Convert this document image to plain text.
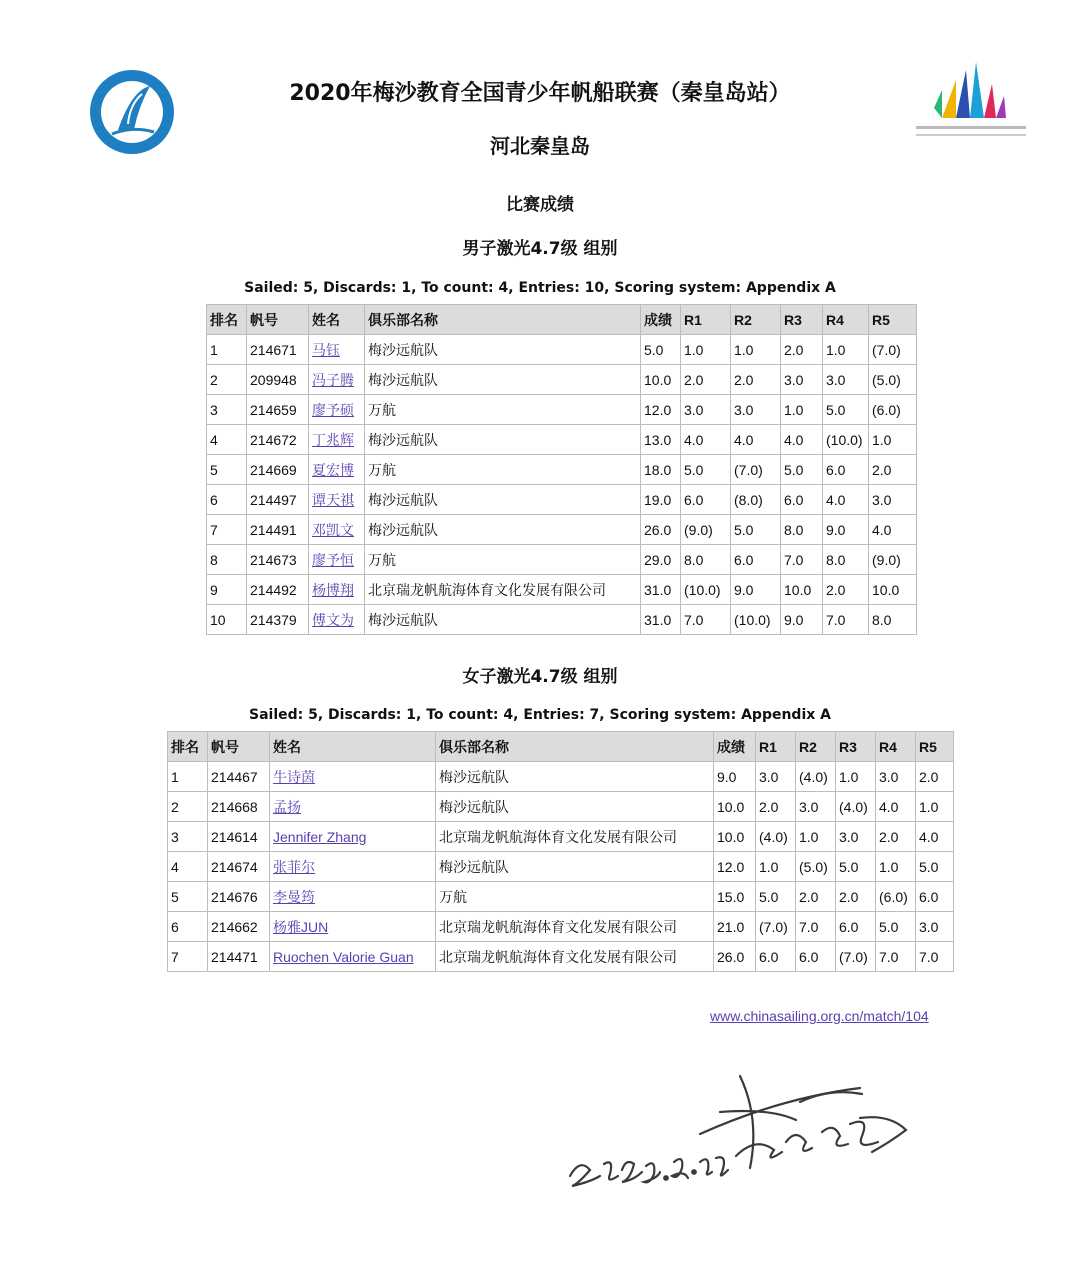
2020年梅沙教育全国青少年帆船联赛（秦皇岛站）
河北秦皇岛
比赛成绩
男子激光4.7级 组别
Sailed: 5, Discards: 1, To count: 4, Entries: 10, Scoring system: Appendix A
排名	帆号	姓名	俱乐部名称	成绩	R1	R2	R3	R4	R5
1	214671	马钰	梅沙远航队	5.0	1.0	1.0	2.0	1.0	(7.0)
2	209948	冯子腾	梅沙远航队	10.0	2.0	2.0	3.0	3.0	(5.0)
3	214659	廖予硕	万航	12.0	3.0	3.0	1.0	5.0	(6.0)
4	214672	丁兆辉	梅沙远航队	13.0	4.0	4.0	4.0	(10.0)	1.0
5	214669	夏宏博	万航	18.0	5.0	(7.0)	5.0	6.0	2.0
6	214497	谭天祺	梅沙远航队	19.0	6.0	(8.0)	6.0	4.0	3.0
7	214491	邓凯文	梅沙远航队	26.0	(9.0)	5.0	8.0	9.0	4.0
8	214673	廖予恒	万航	29.0	8.0	6.0	7.0	8.0	(9.0)
9	214492	杨博翔	北京瑞龙帆航海体育文化发展有限公司	31.0	(10.0)	9.0	10.0	2.0	10.0
10	214379	傅文为	梅沙远航队	31.0	7.0	(10.0)	9.0	7.0	8.0
女子激光4.7级 组别
Sailed: 5, Discards: 1, To count: 4, Entries: 7, Scoring system: Appendix A
排名	帆号	姓名	俱乐部名称	成绩	R1	R2	R3	R4	R5
1	214467	牛诗茵	梅沙远航队	9.0	3.0	(4.0)	1.0	3.0	2.0
2	214668	孟扬	梅沙远航队	10.0	2.0	3.0	(4.0)	4.0	1.0
3	214614	Jennifer Zhang	北京瑞龙帆航海体育文化发展有限公司	10.0	(4.0)	1.0	3.0	2.0	4.0
4	214674	张菲尔	梅沙远航队	12.0	1.0	(5.0)	5.0	1.0	5.0
5	214676	李曼筠	万航	15.0	5.0	2.0	2.0	(6.0)	6.0
6	214662	杨雅JUN	北京瑞龙帆航海体育文化发展有限公司	21.0	(7.0)	7.0	6.0	5.0	3.0
7	214471	Ruochen Valorie Guan	北京瑞龙帆航海体育文化发展有限公司	26.0	6.0	6.0	(7.0)	7.0	7.0
www.chinasailing.org.cn/match/104
